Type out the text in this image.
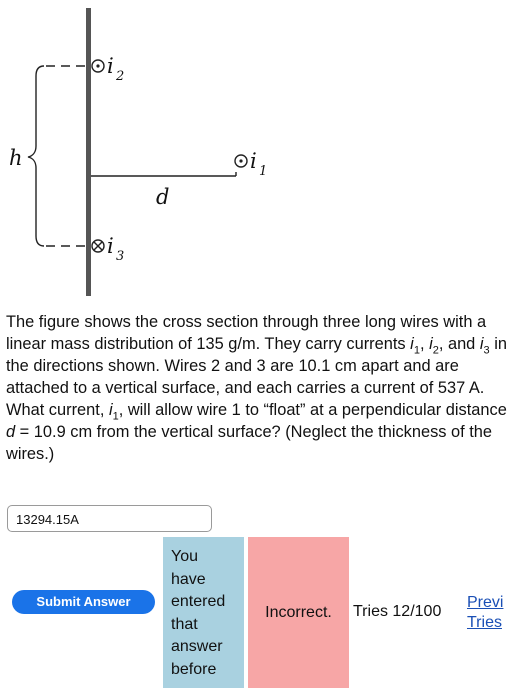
i 2
i 1
i 3
h
d
The figure shows the cross section through three long wires with a linear mass distribution of 135 g/m. They carry currents $i_1$, $i_2$, and $i_3$ in the directions shown. Wires 2 and 3 are 10.1 cm apart and are attached to a vertical surface, and each carries a current of 537 A. What current, $i_1$, will allow wire 1 to “float” at a perpendicular distance d = 10.9 cm from the vertical surface? (Neglect the thickness of the wires.)
13294.15A
Submit Answer
You have entered that answer before
Incorrect. Tries 12/100
Previ
Tries
